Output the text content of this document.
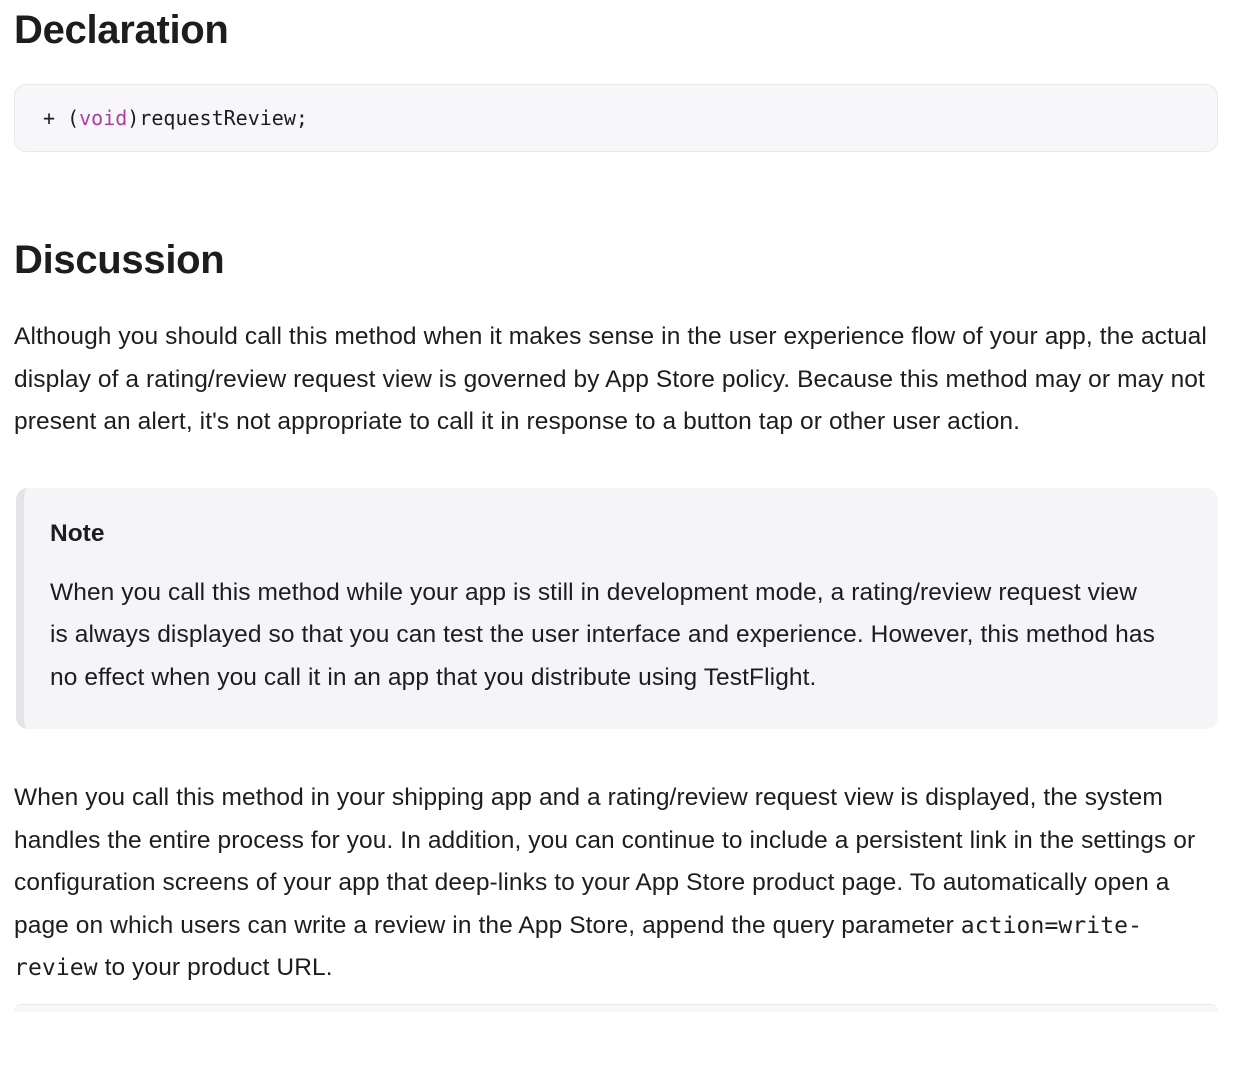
Declaration
+ (void)requestReview;
Discussion

Although you should call this method when it makes sense in the user experience flow of your app, the actual display of a rating/review request view is governed by App Store policy. Because this method may or may not present an alert, it's not appropriate to call it in response to a button tap or other user action.

Note

When you call this method while your app is still in development mode, a rating/review request view is always displayed so that you can test the user interface and experience. However, this method has no effect when you call it in an app that you distribute using TestFlight.

When you call this method in your shipping app and a rating/review request view is displayed, the system handles the entire process for you. In addition, you can continue to include a persistent link in the settings or configuration screens of your app that deep-links to your App Store product page. To automatically open a page on which users can write a review in the App Store, append the query parameter action=write-review to your product URL.
